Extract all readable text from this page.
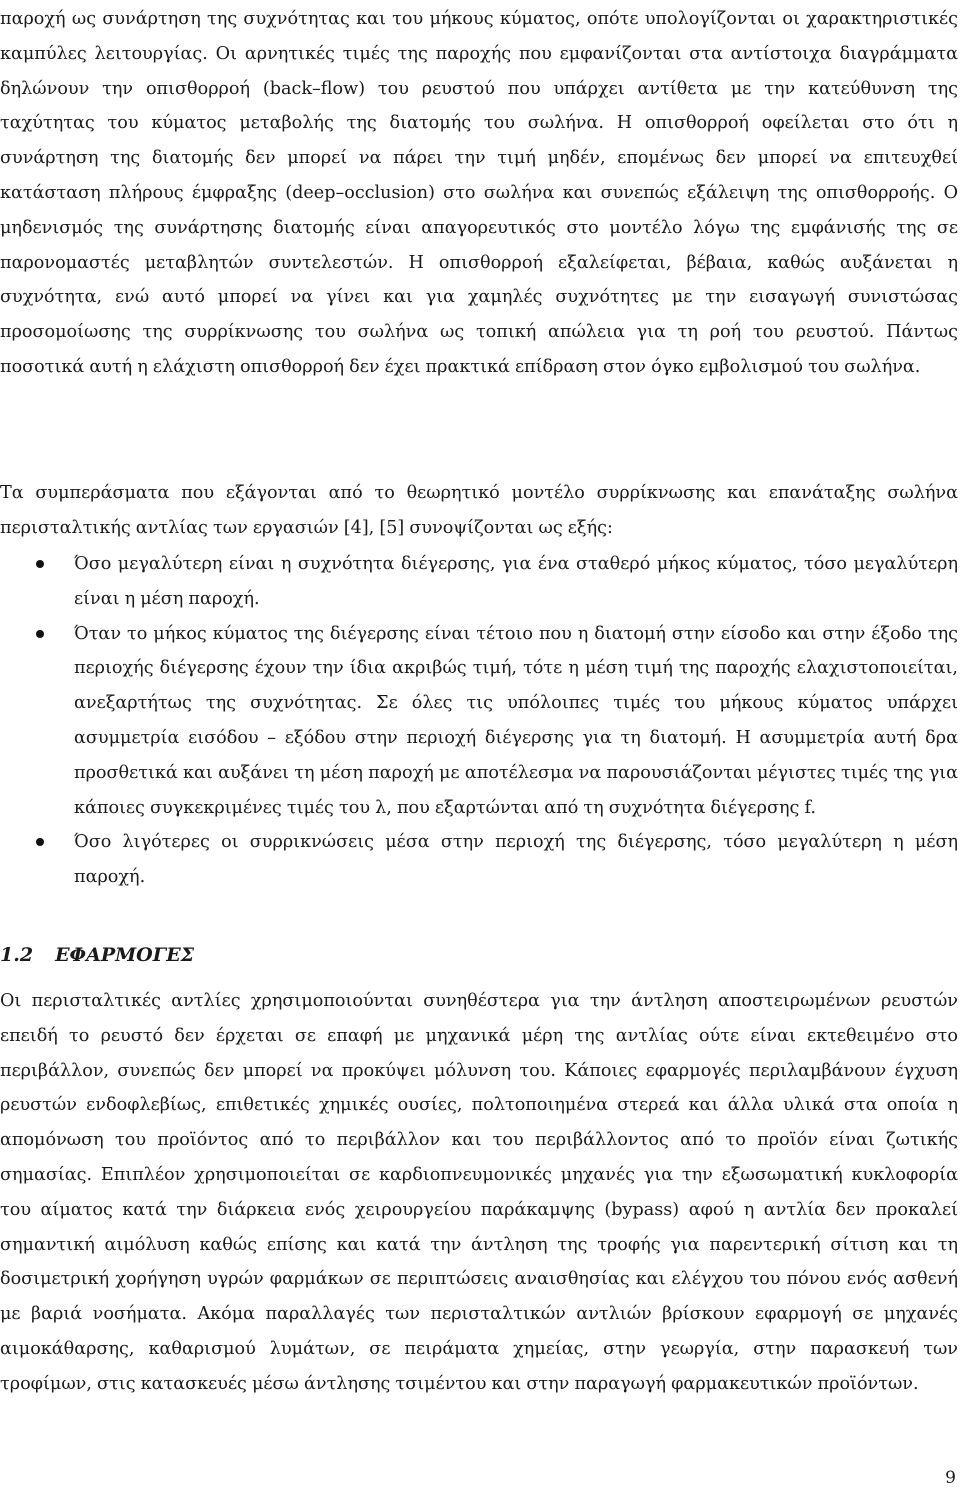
παροχή ως συνάρτηση της συχνότητας και του μήκους κύματος, οπότε υπολογίζονται οι χαρακτηριστικές καμπύλες λειτουργίας. Οι αρνητικές τιμές της παροχής που εμφανίζονται στα αντίστοιχα διαγράμματα δηλώνουν την οπισθορροή (back–flow) του ρευστού που υπάρχει αντίθετα με την κατεύθυνση της ταχύτητας του κύματος μεταβολής της διατομής του σωλήνα. Η οπισθορροή οφείλεται στο ότι η συνάρτηση της διατομής δεν μπορεί να πάρει την τιμή μηδέν, επομένως δεν μπορεί να επιτευχθεί κατάσταση πλήρους έμφραξης (deep–occlusion) στο σωλήνα και συνεπώς εξάλειψη της οπισθορροής. Ο μηδενισμός της συνάρτησης διατομής είναι απαγορευτικός στο μοντέλο λόγω της εμφάνισής της σε παρονομαστές μεταβλητών συντελεστών. Η οπισθορροή εξαλείφεται, βέβαια, καθώς αυξάνεται η συχνότητα, ενώ αυτό μπορεί να γίνει και για χαμηλές συχνότητες με την εισαγωγή συνιστώσας προσομοίωσης της συρρίκνωσης του σωλήνα ως τοπική απώλεια για τη ροή του ρευστού. Πάντως ποσοτικά αυτή η ελάχιστη οπισθορροή δεν έχει πρακτικά επίδραση στον όγκο εμβολισμού του σωλήνα.

Τα συμπεράσματα που εξάγονται από το θεωρητικό μοντέλο συρρίκνωσης και επανάταξης σωλήνα περισταλτικής αντλίας των εργασιών [4], [5] συνοψίζονται ως εξής:

Όσο μεγαλύτερη είναι η συχνότητα διέγερσης, για ένα σταθερό μήκος κύματος, τόσο μεγαλύτερη είναι η μέση παροχή.
Όταν το μήκος κύματος της διέγερσης είναι τέτοιο που η διατομή στην είσοδο και στην έξοδο της περιοχής διέγερσης έχουν την ίδια ακριβώς τιμή, τότε η μέση τιμή της παροχής ελαχιστοποιείται, ανεξαρτήτως της συχνότητας. Σε όλες τις υπόλοιπες τιμές του μήκους κύματος υπάρχει ασυμμετρία εισόδου – εξόδου στην περιοχή διέγερσης για τη διατομή. Η ασυμμετρία αυτή δρα προσθετικά και αυξάνει τη μέση παροχή με αποτέλεσμα να παρουσιάζονται μέγιστες τιμές της για κάποιες συγκεκριμένες τιμές του λ, που εξαρτώνται από τη συχνότητα διέγερσης f.
Όσο λιγότερες οι συρρικνώσεις μέσα στην περιοχή της διέγερσης, τόσο μεγαλύτερη η μέση παροχή.
1.2 ΕΦΑΡΜΟΓΕΣ

Οι περισταλτικές αντλίες χρησιμοποιούνται συνηθέστερα για την άντληση αποστειρωμένων ρευστών επειδή το ρευστό δεν έρχεται σε επαφή με μηχανικά μέρη της αντλίας ούτε είναι εκτεθειμένο στο περιβάλλον, συνεπώς δεν μπορεί να προκύψει μόλυνση του. Κάποιες εφαρμογές περιλαμβάνουν έγχυση ρευστών ενδοφλεβίως, επιθετικές χημικές ουσίες, πολτοποιημένα στερεά και άλλα υλικά στα οποία η απομόνωση του προϊόντος από το περιβάλλον και του περιβάλλοντος από το προϊόν είναι ζωτικής σημασίας. Επιπλέον χρησιμοποιείται σε καρδιοπνευμονικές μηχανές για την εξωσωματική κυκλοφορία του αίματος κατά την διάρκεια ενός χειρουργείου παράκαμψης (bypass) αφού η αντλία δεν προκαλεί σημαντική αιμόλυση καθώς επίσης και κατά την άντληση της τροφής για παρεντερική σίτιση και τη δοσιμετρική χορήγηση υγρών φαρμάκων σε περιπτώσεις αναισθησίας και ελέγχου του πόνου ενός ασθενή με βαριά νοσήματα. Ακόμα παραλλαγές των περισταλτικών αντλιών βρίσκουν εφαρμογή σε μηχανές αιμοκάθαρσης, καθαρισμού λυμάτων, σε πειράματα χημείας, στην γεωργία, στην παρασκευή των τροφίμων, στις κατασκευές μέσω άντλησης τσιμέντου και στην παραγωγή φαρμακευτικών προϊόντων.

9
